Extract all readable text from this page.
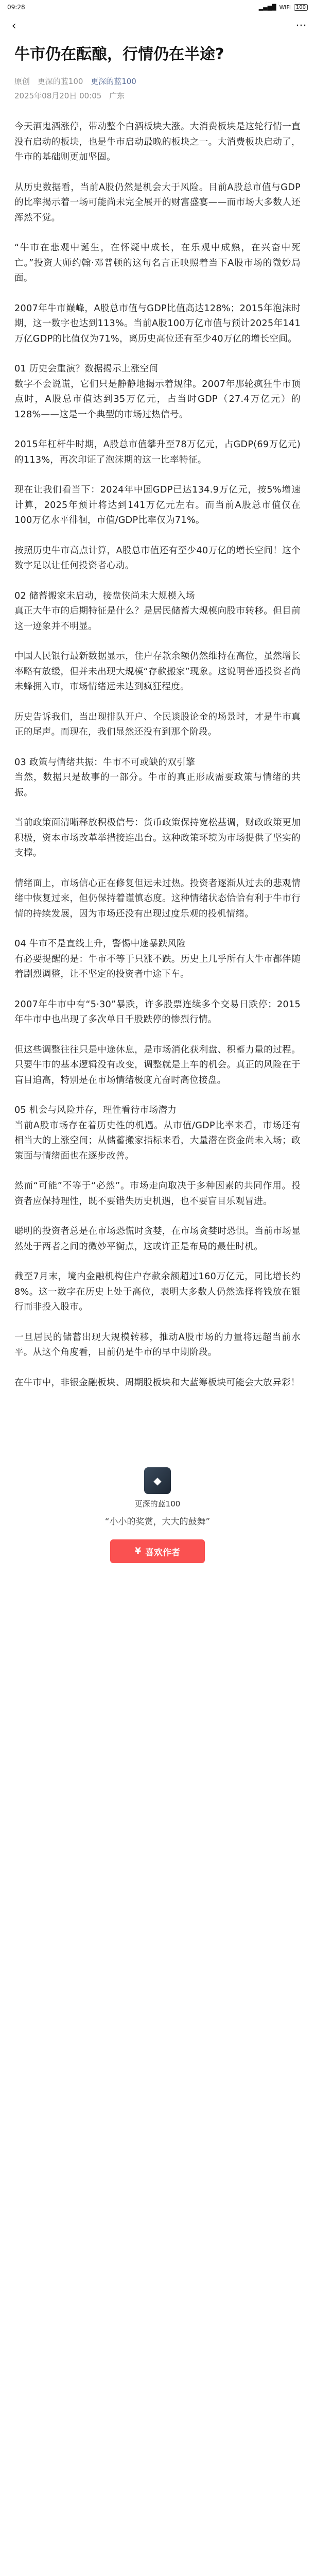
09:28	▂▄▆█ WiFi 100
‹	···
牛市仍在酝酿，行情仍在半途?
原创 更深的蓝100 更深的蓝100
2025年08月20日 00:05 广东

今天酒鬼酒涨停，带动整个白酒板块大涨。大消费板块是这轮行情一直没有启动的板块，也是牛市启动最晚的板块之一。大消费板块启动了，牛市的基础则更加坚固。

从历史数据看，当前A股仍然是机会大于风险。目前A股总市值与GDP的比率揭示着一场可能尚未完全展开的财富盛宴——而市场大多数人还浑然不觉。

“牛市在悲观中诞生，在怀疑中成长，在乐观中成熟，在兴奋中死亡。”投资大师约翰·邓普顿的这句名言正映照着当下A股市场的微妙局面。

2007年牛市巅峰，A股总市值与GDP比值高达128%；2015年泡沫时期，这一数字也达到113%。当前A股100万亿市值与预计2025年141万亿GDP的比值仅为71%，离历史高位还有至少40万亿的增长空间。

01 历史会重演？数据揭示上涨空间
数字不会说谎，它们只是静静地揭示着规律。2007年那轮疯狂牛市顶点时，A股总市值达到35万亿元，占当时GDP（27.4万亿元）的128%——这是一个典型的市场过热信号。

2015年杠杆牛时期，A股总市值攀升至78万亿元，占GDP(69万亿元)的113%，再次印证了泡沫期的这一比率特征。

现在让我们看当下：2024年中国GDP已达134.9万亿元，按5%增速计算，2025年预计将达到141万亿元左右。而当前A股总市值仅在100万亿水平徘徊，市值/GDP比率仅为71%。

按照历史牛市高点计算，A股总市值还有至少40万亿的增长空间！这个数字足以让任何投资者心动。

02 储蓄搬家未启动，接盘侠尚未大规模入场
真正大牛市的后期特征是什么？是居民储蓄大规模向股市转移。但目前这一迹象并不明显。

中国人民银行最新数据显示，住户存款余额仍然维持在高位，虽然增长率略有放缓，但并未出现大规模“存款搬家”现象。这说明普通投资者尚未蜂拥入市，市场情绪远未达到疯狂程度。

历史告诉我们，当出现排队开户、全民谈股论金的场景时，才是牛市真正的尾声。而现在，我们显然还没有到那个阶段。

03 政策与情绪共振：牛市不可或缺的双引擎
当然，数据只是故事的一部分。牛市的真正形成需要政策与情绪的共振。

当前政策面清晰释放积极信号：货币政策保持宽松基调，财政政策更加积极，资本市场改革举措接连出台。这种政策环境为市场提供了坚实的支撑。

情绪面上，市场信心正在修复但远未过热。投资者逐渐从过去的悲观情绪中恢复过来，但仍保持着谨慎态度。这种情绪状态恰恰有利于牛市行情的持续发展，因为市场还没有出现过度乐观的投机情绪。

04 牛市不是直线上升，警惕中途暴跌风险
有必要提醒的是：牛市不等于只涨不跌。历史上几乎所有大牛市都伴随着剧烈调整，让不坚定的投资者中途下车。

2007年牛市中有“5·30”暴跌，许多股票连续多个交易日跌停；2015年牛市中也出现了多次单日千股跌停的惨烈行情。

但这些调整往往只是中途休息，是市场消化获利盘、积蓄力量的过程。只要牛市的基本逻辑没有改变，调整就是上车的机会。真正的风险在于盲目追高，特别是在市场情绪极度亢奋时高位接盘。

05 机会与风险并存，理性看待市场潜力
当前A股市场存在着历史性的机遇。从市值/GDP比率来看，市场还有相当大的上涨空间；从储蓄搬家指标来看，大量潜在资金尚未入场；政策面与情绪面也在逐步改善。

然而“可能”不等于“必然”。市场走向取决于多种因素的共同作用。投资者应保持理性，既不要错失历史机遇，也不要盲目乐观冒进。

聪明的投资者总是在市场恐慌时贪婪，在市场贪婪时恐惧。当前市场显然处于两者之间的微妙平衡点，这或许正是布局的最佳时机。

截至7月末，境内金融机构住户存款余额超过160万亿元，同比增长约8%。这一数字在历史上处于高位，表明大多数人仍然选择将钱放在银行而非投入股市。

一旦居民的储蓄出现大规模转移，推动A股市场的力量将远超当前水平。从这个角度看，目前仍是牛市的早中期阶段。

在牛市中，非银金融板块、周期股板块和大蓝筹板块可能会大放异彩！

◆
更深的蓝100
“小小的奖赏，大大的鼓舞”
¥ 喜欢作者
